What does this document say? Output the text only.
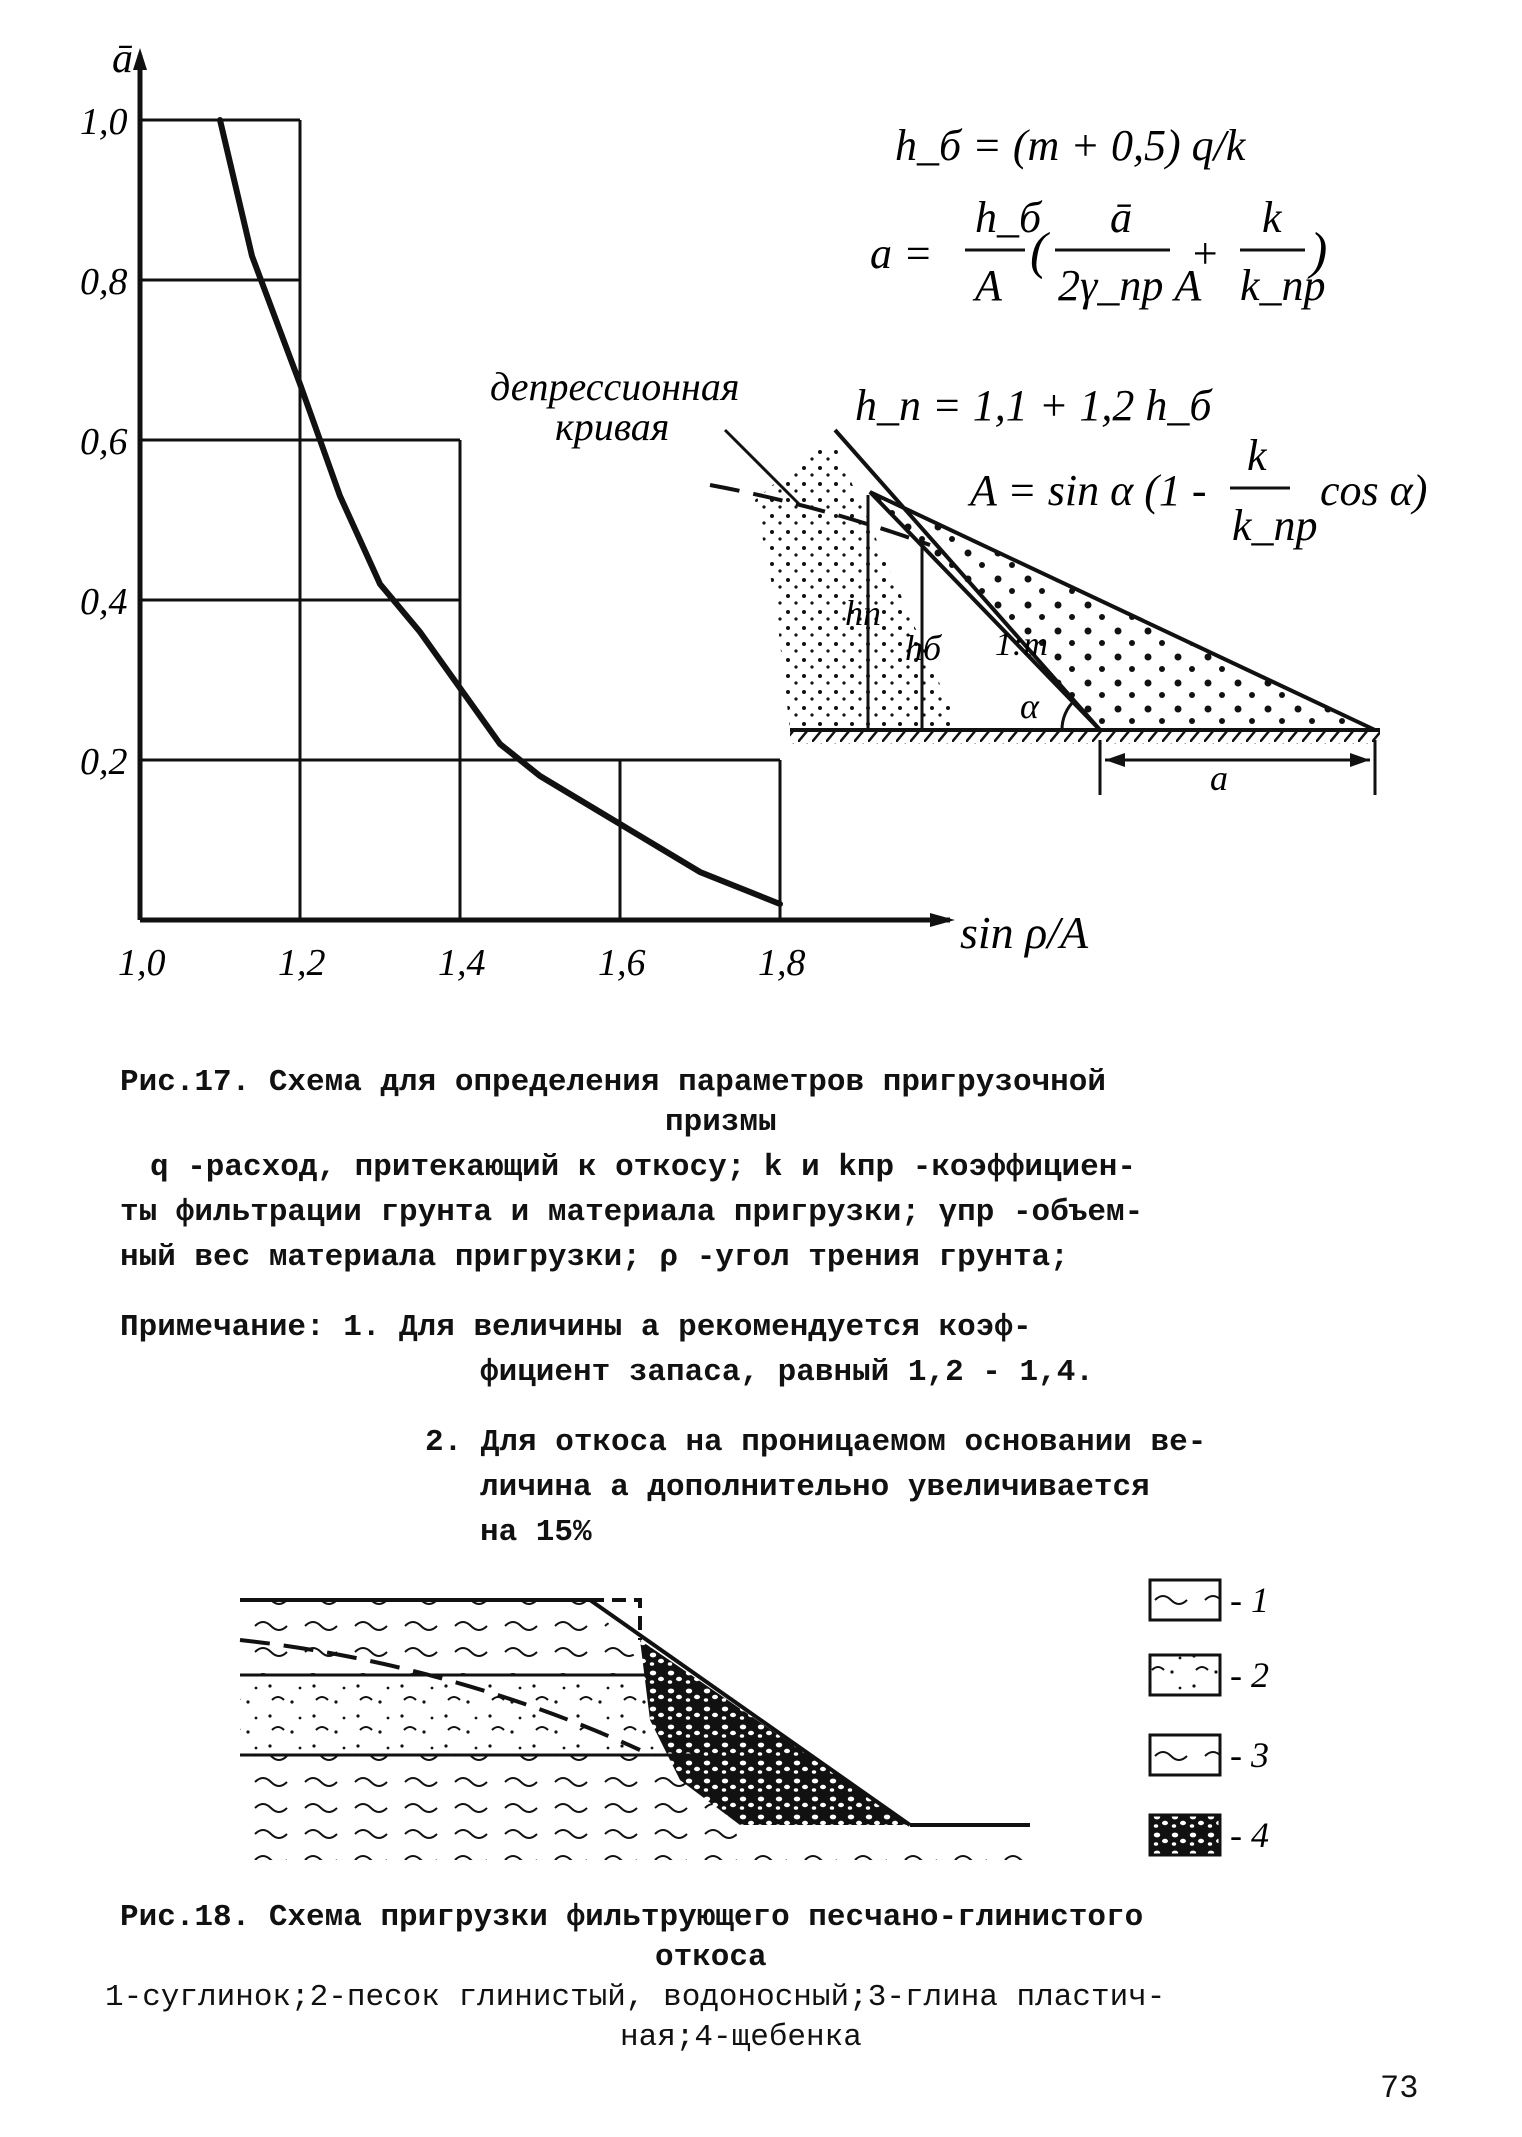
1,0	1,2	1,4	1,6	1,8
1,0
0,8
0,6
0,4
0,2
ā
sin ρ/A
h_б = (m + 0,5) q/k
a =
h_б
A
(
ā
2γ_пр A
+
k
k_пр
)
h_п = 1,1 + 1,2 h_б
A = sin α (1 -
k
k_пр
cos α)
депрессионная
кривая
hп
hб 1:m
α
a
Рис.17. Схема для определения параметров пригрузочной
призмы
q -расход, притекающий к откосу; k и kпр -коэффициен-
ты фильтрации грунта и материала пригрузки; γпр -объем-
ный вес материала пригрузки; ρ -угол трения грунта;
Примечание: 1. Для величины a рекомендуется коэф-
фициент запаса, равный 1,2 - 1,4.
2. Для откоса на проницаемом основании ве-
личина a дополнительно увеличивается
на 15%
- 1
- 2
- 3
- 4
Рис.18. Схема пригрузки фильтрующего песчано-глинистого
откоса
1-суглинок;2-песок глинистый, водоносный;3-глина пластич-
ная;4-щебенка
73
